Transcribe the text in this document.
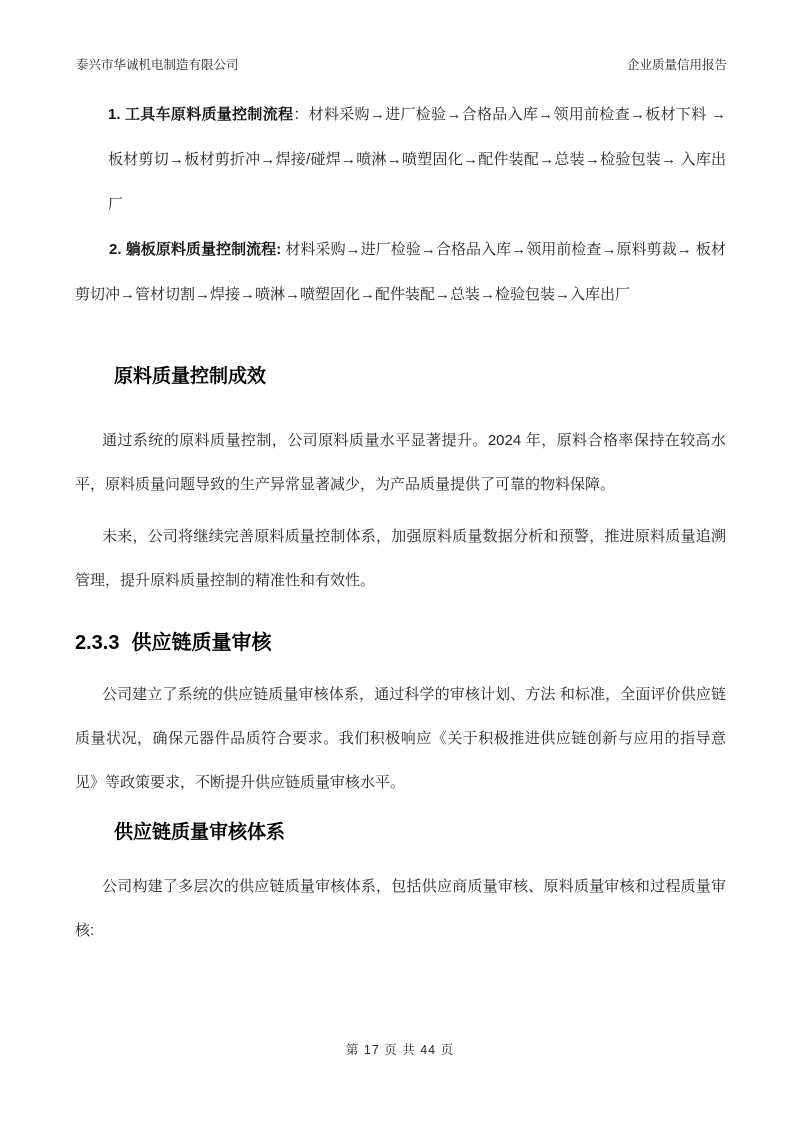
泰兴市华诚机电制造有限公司	企业质量信用报告

1. 工具车原料质量控制流程：材料采购→进厂检验→合格品入库→领用前检查→板材下料 →板材剪切→板材剪折冲→焊接/碰焊→喷淋→喷塑固化→配件装配→总装→检验包装→ 入库出厂

2. 躺板原料质量控制流程: 材料采购→进厂检验→合格品入库→领用前检查→原料剪裁→ 板材剪切冲→管材切割→焊接→喷淋→喷塑固化→配件装配→总装→检验包装→入库出厂

原料质量控制成效

通过系统的原料质量控制，公司原料质量水平显著提升。2024 年，原料合格率保持在较高水平，原料质量问题导致的生产异常显著减少，为产品质量提供了可靠的物料保障。

未来，公司将继续完善原料质量控制体系，加强原料质量数据分析和预警，推进原料质量追溯管理，提升原料质量控制的精准性和有效性。

2.3.3 供应链质量审核

公司建立了系统的供应链质量审核体系，通过科学的审核计划、方法 和标准，全面评价供应链质量状况，确保元器件品质符合要求。我们积极响应《关于积极推进供应链创新与应用的指导意见》等政策要求，不断提升供应链质量审核水平。

供应链质量审核体系

公司构建了多层次的供应链质量审核体系，包括供应商质量审核、原料质量审核和过程质量审核:

第 17 页 共 44 页
